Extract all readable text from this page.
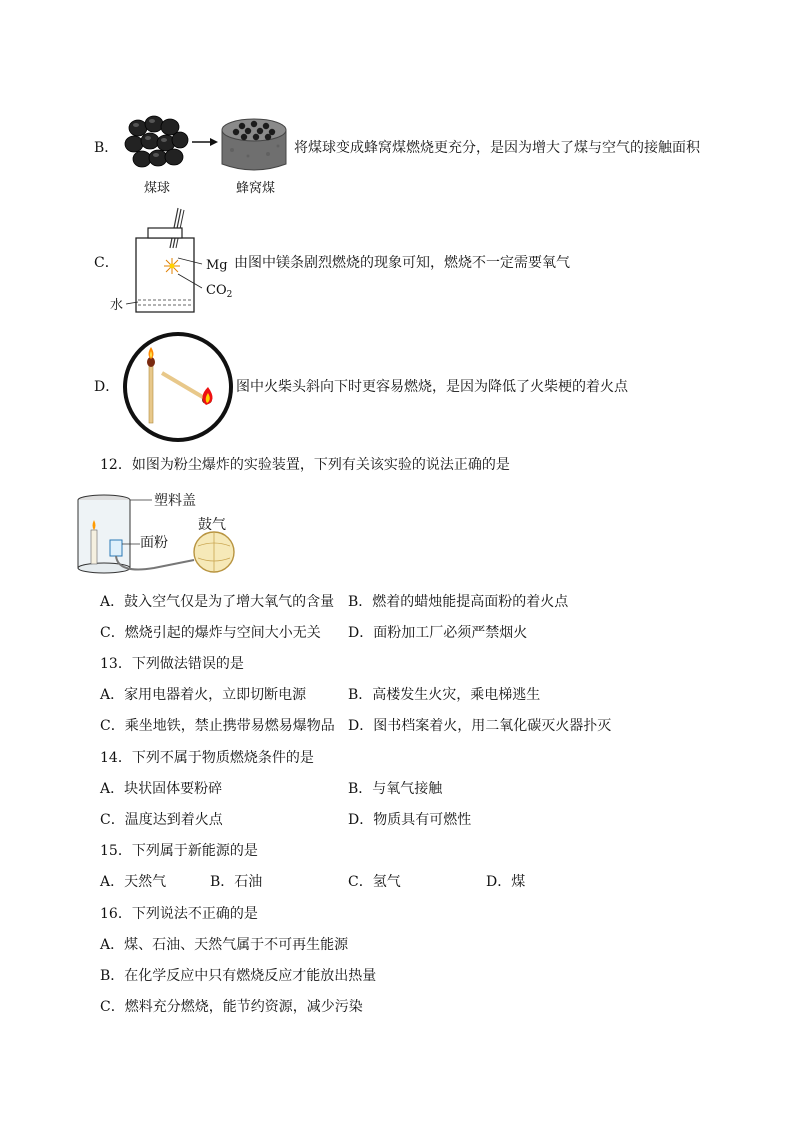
B．	将煤球变成蜂窝煤燃烧更充分，是因为增大了煤与空气的接触面积
煤球	蜂窝煤
C．	Mg
$CO_2$
水
由图中镁条剧烈燃烧的现象可知，燃烧不一定需要氧气
D．	图中火柴头斜向下时更容易燃烧，是因为降低了火柴梗的着火点
12．如图为粉尘爆炸的实验装置，下列有关该实验的说法正确的是
塑料盖
面粉
鼓气
A．鼓入空气仅是为了增大氧气的含量 B．燃着的蜡烛能提高面粉的着火点
C．燃烧引起的爆炸与空间大小无关 D．面粉加工厂必须严禁烟火
13．下列做法错误的是
A．家用电器着火，立即切断电源	B．高楼发生火灾，乘电梯逃生
C．乘坐地铁，禁止携带易燃易爆物品 D．图书档案着火，用二氧化碳灭火器扑灭
14．下列不属于物质燃烧条件的是
A．块状固体要粉碎	B．与氧气接触
C．温度达到着火点	D．物质具有可燃性
15．下列属于新能源的是
A．天然气	B．石油	C．氢气	D．煤
16．下列说法不正确的是
A．煤、石油、天然气属于不可再生能源
B．在化学反应中只有燃烧反应才能放出热量
C．燃料充分燃烧，能节约资源，减少污染
